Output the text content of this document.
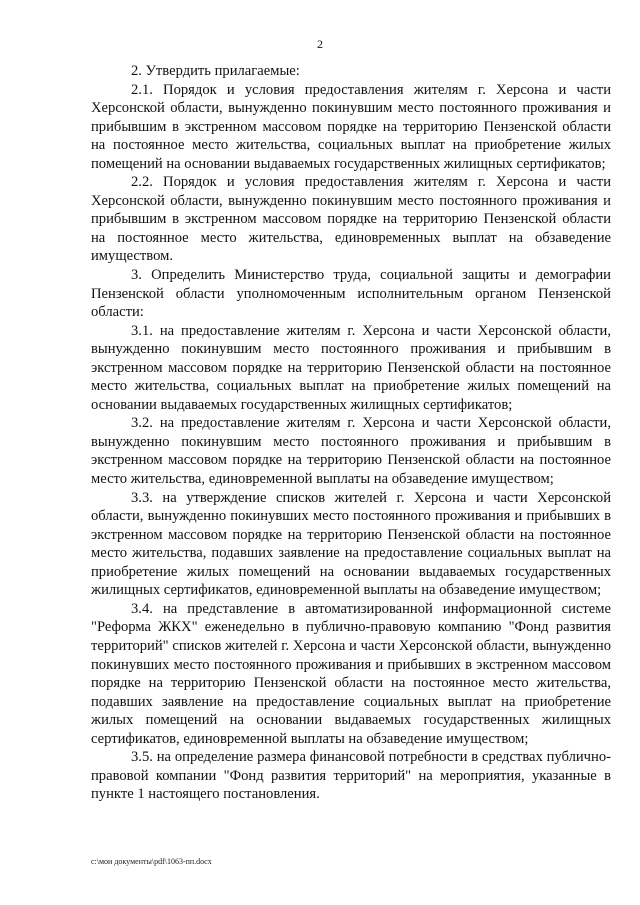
2

2. Утвердить прилагаемые:

2.1. Порядок и условия предоставления жителям г. Херсона и части Херсонской области, вынужденно покинувшим место постоянного проживания и прибывшим в экстренном массовом порядке на территорию Пензенской области на постоянное место жительства, социальных выплат на приобретение жилых помещений на основании выдаваемых государственных жилищных сертификатов;

2.2. Порядок и условия предоставления жителям г. Херсона и части Херсонской области, вынужденно покинувшим место постоянного проживания и прибывшим в экстренном массовом порядке на территорию Пензенской области на постоянное место жительства, единовременных выплат на обзаведение имуществом.

3. Определить Министерство труда, социальной защиты и демографии Пензенской области уполномоченным исполнительным органом Пензенской области:

3.1. на предоставление жителям г. Херсона и части Херсонской области, вынужденно покинувшим место постоянного проживания и прибывшим в экстренном массовом порядке на территорию Пензенской области на постоянное место жительства, социальных выплат на приобретение жилых помещений на основании выдаваемых государственных жилищных сертификатов;

3.2. на предоставление жителям г. Херсона и части Херсонской области, вынужденно покинувшим место постоянного проживания и прибывшим в экстренном массовом порядке на территорию Пензенской области на постоянное место жительства, единовременной выплаты на обзаведение имуществом;

3.3. на утверждение списков жителей г. Херсона и части Херсонской области, вынужденно покинувших место постоянного проживания и прибывших в экстренном массовом порядке на территорию Пензенской области на постоянное место жительства, подавших заявление на предоставление социальных выплат на приобретение жилых помещений на основании выдаваемых государственных жилищных сертификатов, единовременной выплаты на обзаведение имуществом;

3.4. на представление в автоматизированной информационной системе "Реформа ЖКХ" еженедельно в публично-правовую компанию "Фонд развития территорий" списков жителей г. Херсона и части Херсонской области, вынужденно покинувших место постоянного проживания и прибывших в экстренном массовом порядке на территорию Пензенской области на постоянное место жительства, подавших заявление на предоставление социальных выплат на приобретение жилых помещений на основании выдаваемых государственных жилищных сертификатов, единовременной выплаты на обзаведение имуществом;

3.5. на определение размера финансовой потребности в средствах публично-правовой компании "Фонд развития территорий" на мероприятия, указанные в пункте 1 настоящего постановления.

c:\мои документы\pdf\1063-пп.docx
